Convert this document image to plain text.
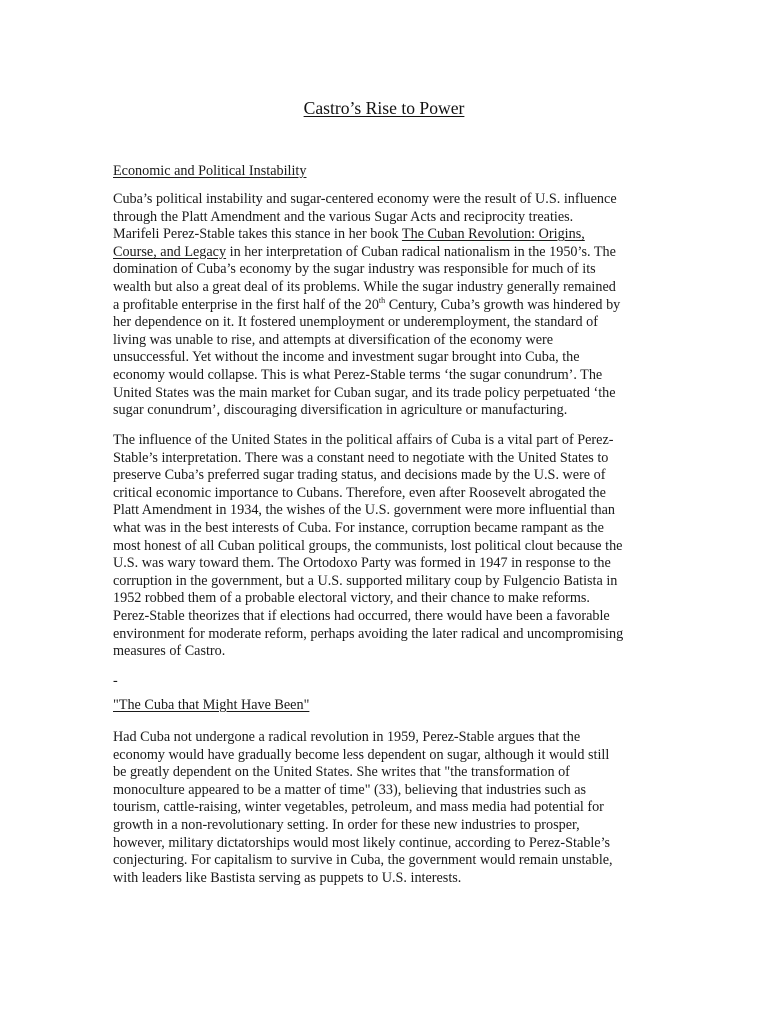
Castro’s Rise to Power
Economic and Political Instability
Cuba’s political instability and sugar-centered economy were the result of U.S. influence
through the Platt Amendment and the various Sugar Acts and reciprocity treaties.
Marifeli Perez-Stable takes this stance in her book The Cuban Revolution: Origins,
Course, and Legacy in her interpretation of Cuban radical nationalism in the 1950’s. The
domination of Cuba’s economy by the sugar industry was responsible for much of its
wealth but also a great deal of its problems. While the sugar industry generally remained
a profitable enterprise in the first half of the 20th Century, Cuba’s growth was hindered by
her dependence on it. It fostered unemployment or underemployment, the standard of
living was unable to rise, and attempts at diversification of the economy were
unsuccessful. Yet without the income and investment sugar brought into Cuba, the
economy would collapse. This is what Perez-Stable terms ‘the sugar conundrum’. The
United States was the main market for Cuban sugar, and its trade policy perpetuated ‘the
sugar conundrum’, discouraging diversification in agriculture or manufacturing.
The influence of the United States in the political affairs of Cuba is a vital part of Perez-
Stable’s interpretation. There was a constant need to negotiate with the United States to
preserve Cuba’s preferred sugar trading status, and decisions made by the U.S. were of
critical economic importance to Cubans. Therefore, even after Roosevelt abrogated the
Platt Amendment in 1934, the wishes of the U.S. government were more influential than
what was in the best interests of Cuba. For instance, corruption became rampant as the
most honest of all Cuban political groups, the communists, lost political clout because the
U.S. was wary toward them. The Ortodoxo Party was formed in 1947 in response to the
corruption in the government, but a U.S. supported military coup by Fulgencio Batista in
1952 robbed them of a probable electoral victory, and their chance to make reforms.
Perez-Stable theorizes that if elections had occurred, there would have been a favorable
environment for moderate reform, perhaps avoiding the later radical and uncompromising
measures of Castro.
-
"The Cuba that Might Have Been"
Had Cuba not undergone a radical revolution in 1959, Perez-Stable argues that the
economy would have gradually become less dependent on sugar, although it would still
be greatly dependent on the United States. She writes that "the transformation of
monoculture appeared to be a matter of time" (33), believing that industries such as
tourism, cattle-raising, winter vegetables, petroleum, and mass media had potential for
growth in a non-revolutionary setting. In order for these new industries to prosper,
however, military dictatorships would most likely continue, according to Perez-Stable’s
conjecturing. For capitalism to survive in Cuba, the government would remain unstable,
with leaders like Bastista serving as puppets to U.S. interests.
